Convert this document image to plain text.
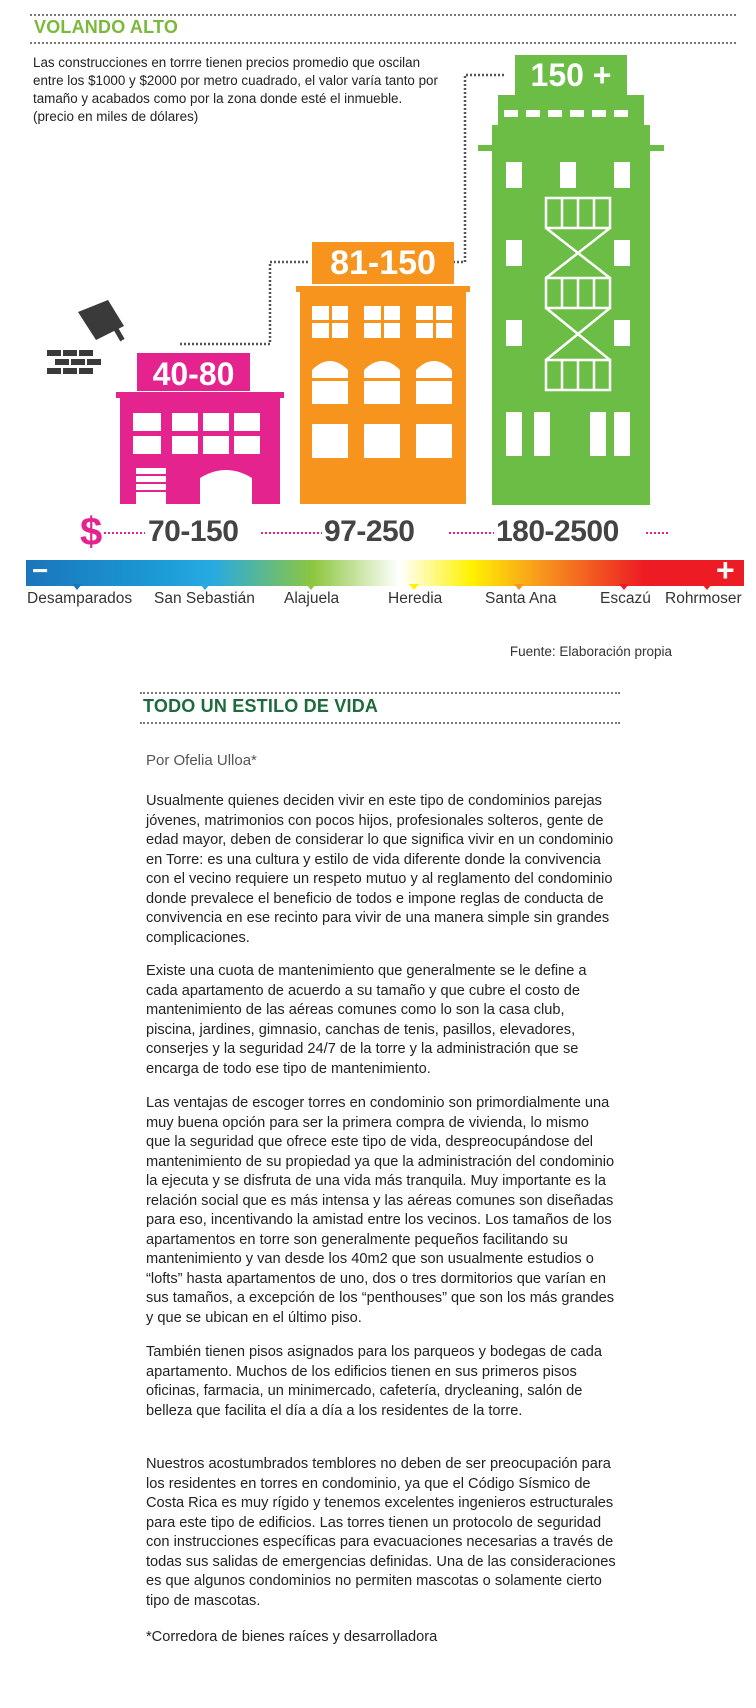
VOLANDO ALTO
Las construcciones en torrre tienen precios promedio que oscilan entre los $1000 y $2000 por metro cuadrado, el valor varía tanto por tamaño y acabados como por la zona donde esté el inmueble. (precio en miles de dólares)
$
40-80
81-150
150 +
70-150	97-250	180-2500
−	+
Desamparados San Sebastián Alajuela	Heredia	Santa Ana	Escazú Rohrmoser
Fuente: Elaboración propia
TODO UN ESTILO DE VIDA
Por Ofelia Ulloa*
Usualmente quienes deciden vivir en este tipo de condominios parejas jóvenes, matrimonios con pocos hijos, profesionales solteros, gente de edad mayor, deben de considerar lo que significa vivir en un condominio en Torre: es una cultura y estilo de vida diferente donde la convivencia con el vecino requiere un respeto mutuo y al reglamento del condominio donde prevalece el beneficio de todos e impone reglas de conducta de convivencia en ese recinto para vivir de una manera simple sin grandes complicaciones.
Existe una cuota de mantenimiento que generalmente se le define a cada apartamento de acuerdo a su tamaño y que cubre el costo de mantenimiento de las aéreas comunes como lo son la casa club, piscina, jardines, gimnasio, canchas de tenis, pasillos, elevadores, conserjes y la seguridad 24/7 de la torre y la administración que se encarga de todo ese tipo de mantenimiento.
Las ventajas de escoger torres en condominio son primordialmente una muy buena opción para ser la primera compra de vivienda, lo mismo que la seguridad que ofrece este tipo de vida, despreocupándose del mantenimiento de su propiedad ya que la administración del condominio la ejecuta y se disfruta de una vida más tranquila. Muy importante es la relación social que es más intensa y las aéreas comunes son diseñadas para eso, incentivando la amistad entre los vecinos. Los tamaños de los apartamentos en torre son generalmente pequeños facilitando su mantenimiento y van desde los 40m2 que son usualmente estudios o “lofts” hasta apartamentos de uno, dos o tres dormitorios que varían en sus tamaños, a excepción de los “penthouses” que son los más grandes y que se ubican en el último piso.
También tienen pisos asignados para los parqueos y bodegas de cada apartamento. Muchos de los edificios tienen en sus primeros pisos oficinas, farmacia, un minimercado, cafetería, drycleaning, salón de belleza que facilita el día a día a los residentes de la torre.
Nuestros acostumbrados temblores no deben de ser preocupación para los residentes en torres en condominio, ya que el Código Sísmico de Costa Rica es muy rígido y tenemos excelentes ingenieros estructurales para este tipo de edificios. Las torres tienen un protocolo de seguridad con instrucciones específicas para evacuaciones necesarias a través de todas sus salidas de emergencias definidas. Una de las consideraciones es que algunos condominios no permiten mascotas o solamente cierto tipo de mascotas.
*Corredora de bienes raíces y desarrolladora
